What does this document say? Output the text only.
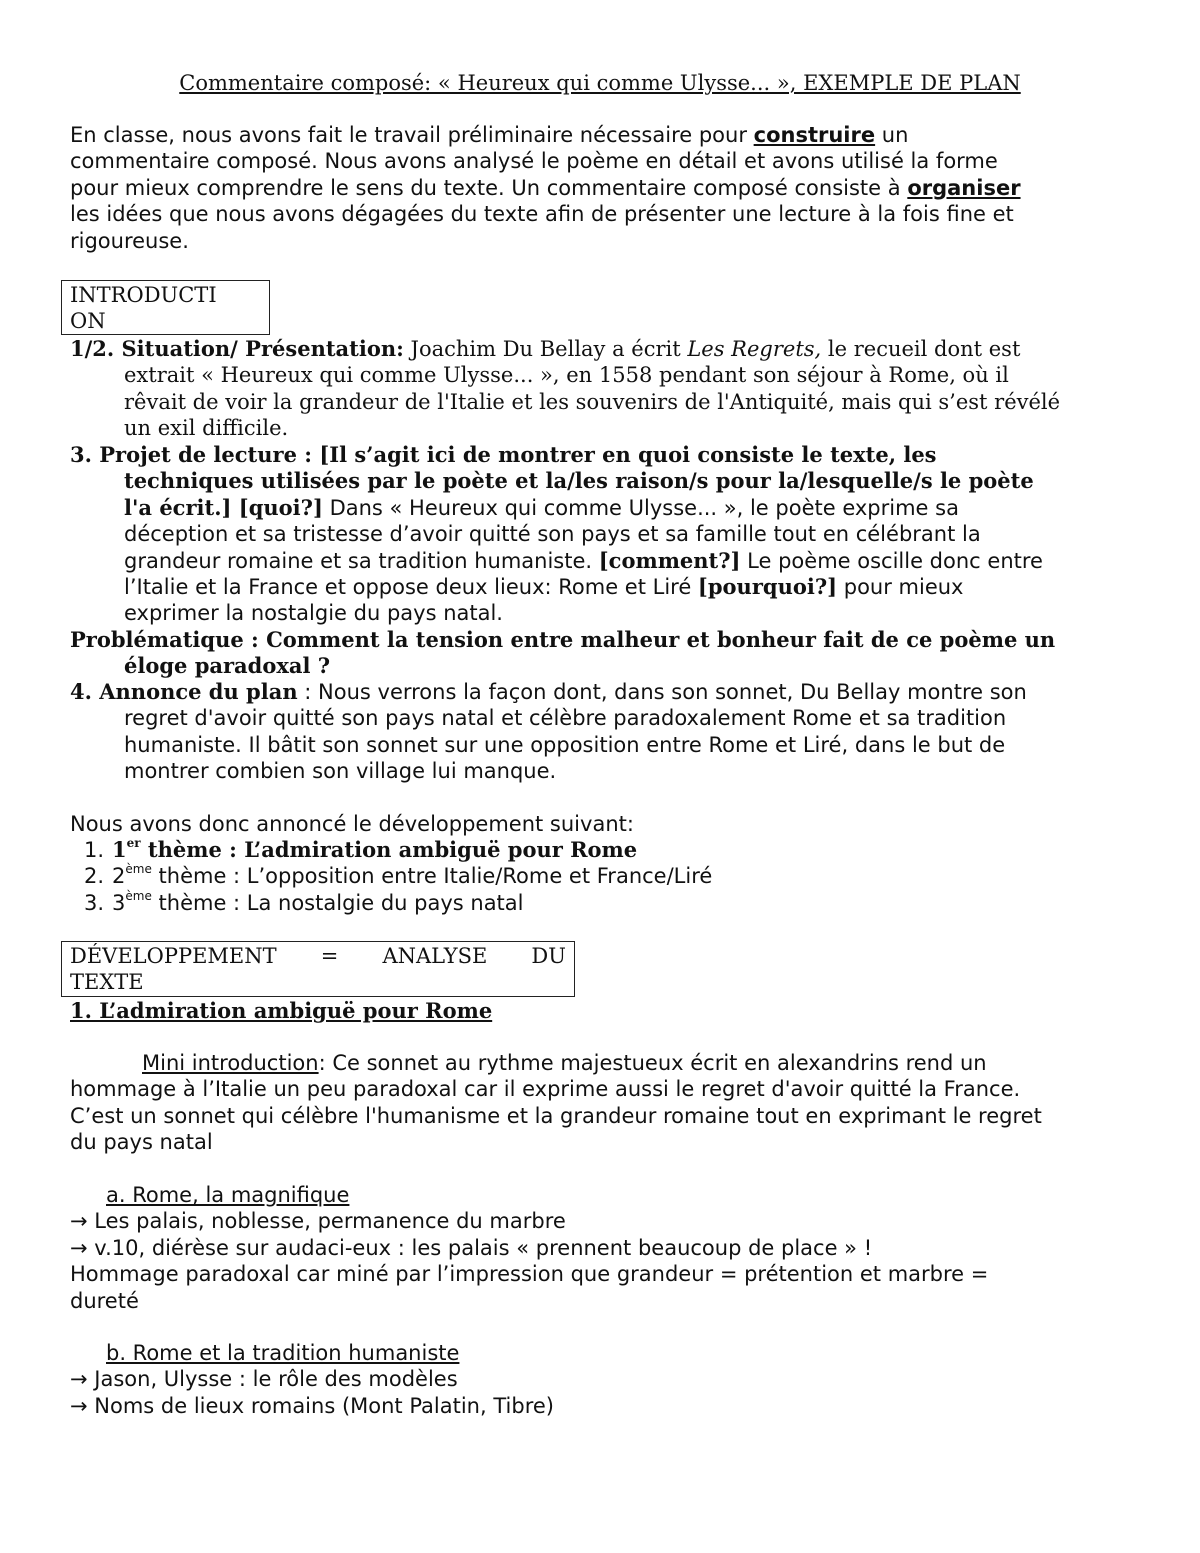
Commentaire composé: « Heureux qui comme Ulysse... », EXEMPLE DE PLAN
En classe, nous avons fait le travail préliminaire nécessaire pour construire un
commentaire composé. Nous avons analysé le poème en détail et avons utilisé la forme
pour mieux comprendre le sens du texte. Un commentaire composé consiste à organiser
les idées que nous avons dégagées du texte afin de présenter une lecture à la fois fine et
rigoureuse.
INTRODUCTI
ON
1/2. Situation/ Présentation: Joachim Du Bellay a écrit Les Regrets, le recueil dont est
extrait « Heureux qui comme Ulysse... », en 1558 pendant son séjour à Rome, où il
rêvait de voir la grandeur de l'Italie et les souvenirs de l'Antiquité, mais qui s’est révélé
un exil difficile.
3. Projet de lecture : [Il s’agit ici de montrer en quoi consiste le texte, les
techniques utilisées par le poète et la/les raison/s pour la/lesquelle/s le poète
l'a écrit.] [quoi?] Dans « Heureux qui comme Ulysse... », le poète exprime sa
déception et sa tristesse d’avoir quitté son pays et sa famille tout en célébrant la
grandeur romaine et sa tradition humaniste. [comment?] Le poème oscille donc entre
l’Italie et la France et oppose deux lieux: Rome et Liré [pourquoi?] pour mieux
exprimer la nostalgie du pays natal.
Problématique : Comment la tension entre malheur et bonheur fait de ce poème un
éloge paradoxal ?
4. Annonce du plan : Nous verrons la façon dont, dans son sonnet, Du Bellay montre son
regret d'avoir quitté son pays natal et célèbre paradoxalement Rome et sa tradition
humaniste. Il bâtit son sonnet sur une opposition entre Rome et Liré, dans le but de
montrer combien son village lui manque.
Nous avons donc annoncé le développement suivant:
1. 1er thème : L’admiration ambiguë pour Rome
2. 2ème thème : L’opposition entre Italie/Rome et France/Liré
3. 3ème thème : La nostalgie du pays natal
DÉVELOPPEMENT = ANALYSE DU
TEXTE
1. L’admiration ambiguë pour Rome
Mini introduction: Ce sonnet au rythme majestueux écrit en alexandrins rend un
hommage à l’Italie un peu paradoxal car il exprime aussi le regret d'avoir quitté la France.
C’est un sonnet qui célèbre l'humanisme et la grandeur romaine tout en exprimant le regret
du pays natal
a. Rome, la magnifique
→ Les palais, noblesse, permanence du marbre
→ v.10, diérèse sur audaci-eux : les palais « prennent beaucoup de place » !
Hommage paradoxal car miné par l’impression que grandeur = prétention et marbre =
dureté
b. Rome et la tradition humaniste
→ Jason, Ulysse : le rôle des modèles
→ Noms de lieux romains (Mont Palatin, Tibre)
